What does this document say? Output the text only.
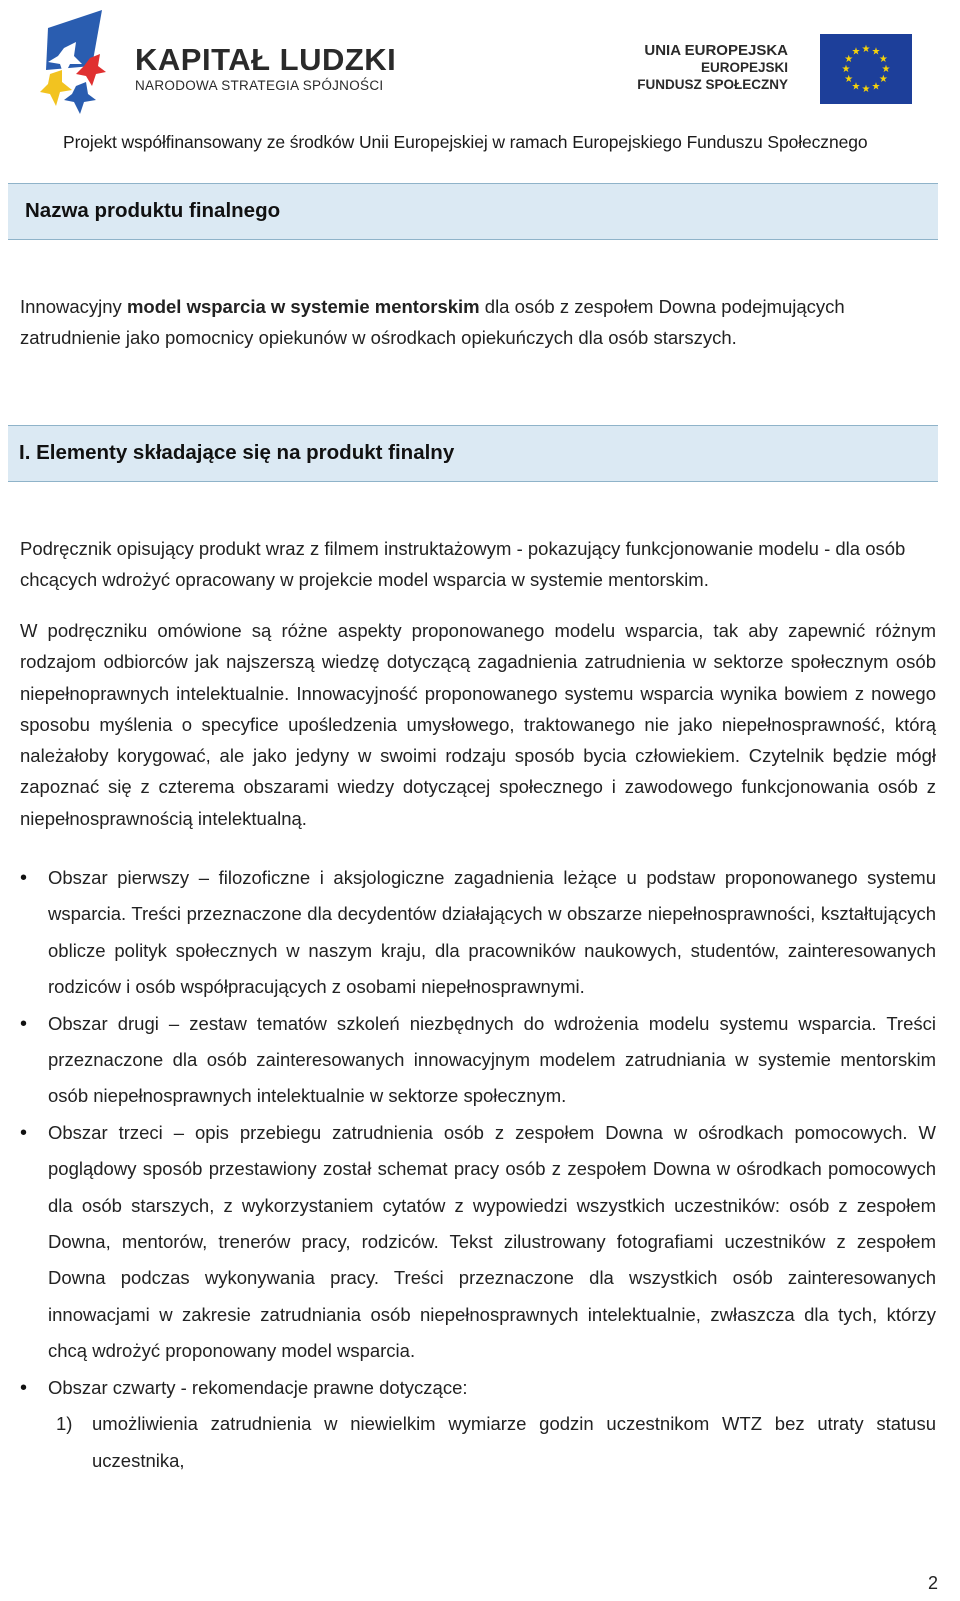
KAPITAŁ LUDZKI
NARODOWA STRATEGIA SPÓJNOŚCI
UNIA EUROPEJSKA
EUROPEJSKI
FUNDUSZ SPOŁECZNY
★ ★
★
★
★
★
★
★
★
★
★
★
Projekt współfinansowany ze środków Unii Europejskiej w ramach Europejskiego Funduszu Społecznego
Nazwa produktu finalnego
Innowacyjny model wsparcia w systemie mentorskim dla osób z zespołem Downa podejmujących zatrudnienie jako pomocnicy opiekunów w ośrodkach opiekuńczych dla osób starszych.
I. Elementy składające się na produkt finalny
Podręcznik opisujący produkt wraz z filmem instruktażowym - pokazujący funkcjonowanie modelu - dla osób chcących wdrożyć opracowany w projekcie model wsparcia w systemie mentorskim.
W podręczniku omówione są różne aspekty proponowanego modelu wsparcia, tak aby zapewnić różnym rodzajom odbiorców jak najszerszą wiedzę dotyczącą zagadnienia zatrudnienia w sektorze społecznym osób niepełnoprawnych intelektualnie. Innowacyjność proponowanego systemu wsparcia wynika bowiem z nowego sposobu myślenia o specyfice upośledzenia umysłowego, traktowanego nie jako niepełnosprawność, którą należałoby korygować, ale jako jedyny w swoimi rodzaju sposób bycia człowiekiem. Czytelnik będzie mógł zapoznać się z czterema obszarami wiedzy dotyczącej społecznego i zawodowego funkcjonowania osób z niepełnosprawnością intelektualną.
• Obszar pierwszy – filozoficzne i aksjologiczne zagadnienia leżące u podstaw proponowanego systemu wsparcia. Treści przeznaczone dla decydentów działających w obszarze niepełnosprawności, kształtujących oblicze polityk społecznych w naszym kraju, dla pracowników naukowych, studentów, zainteresowanych rodziców i osób współpracujących z osobami niepełnosprawnymi.
• Obszar drugi – zestaw tematów szkoleń niezbędnych do wdrożenia modelu systemu wsparcia. Treści przeznaczone dla osób zainteresowanych innowacyjnym modelem zatrudniania w systemie mentorskim osób niepełnosprawnych intelektualnie w sektorze społecznym.
• Obszar trzeci – opis przebiegu zatrudnienia osób z zespołem Downa w ośrodkach pomocowych. W poglądowy sposób przestawiony został schemat pracy osób z zespołem Downa w ośrodkach pomocowych dla osób starszych, z wykorzystaniem cytatów z wypowiedzi wszystkich uczestników: osób z zespołem Downa, mentorów, trenerów pracy, rodziców. Tekst zilustrowany fotografiami uczestników z zespołem Downa podczas wykonywania pracy. Treści przeznaczone dla wszystkich osób zainteresowanych innowacjami w zakresie zatrudniania osób niepełnosprawnych intelektualnie, zwłaszcza dla tych, którzy chcą wdrożyć proponowany model wsparcia.
• Obszar czwarty - rekomendacje prawne dotyczące:
1) umożliwienia zatrudnienia w niewielkim wymiarze godzin uczestnikom WTZ bez utraty statusu uczestnika,
2
